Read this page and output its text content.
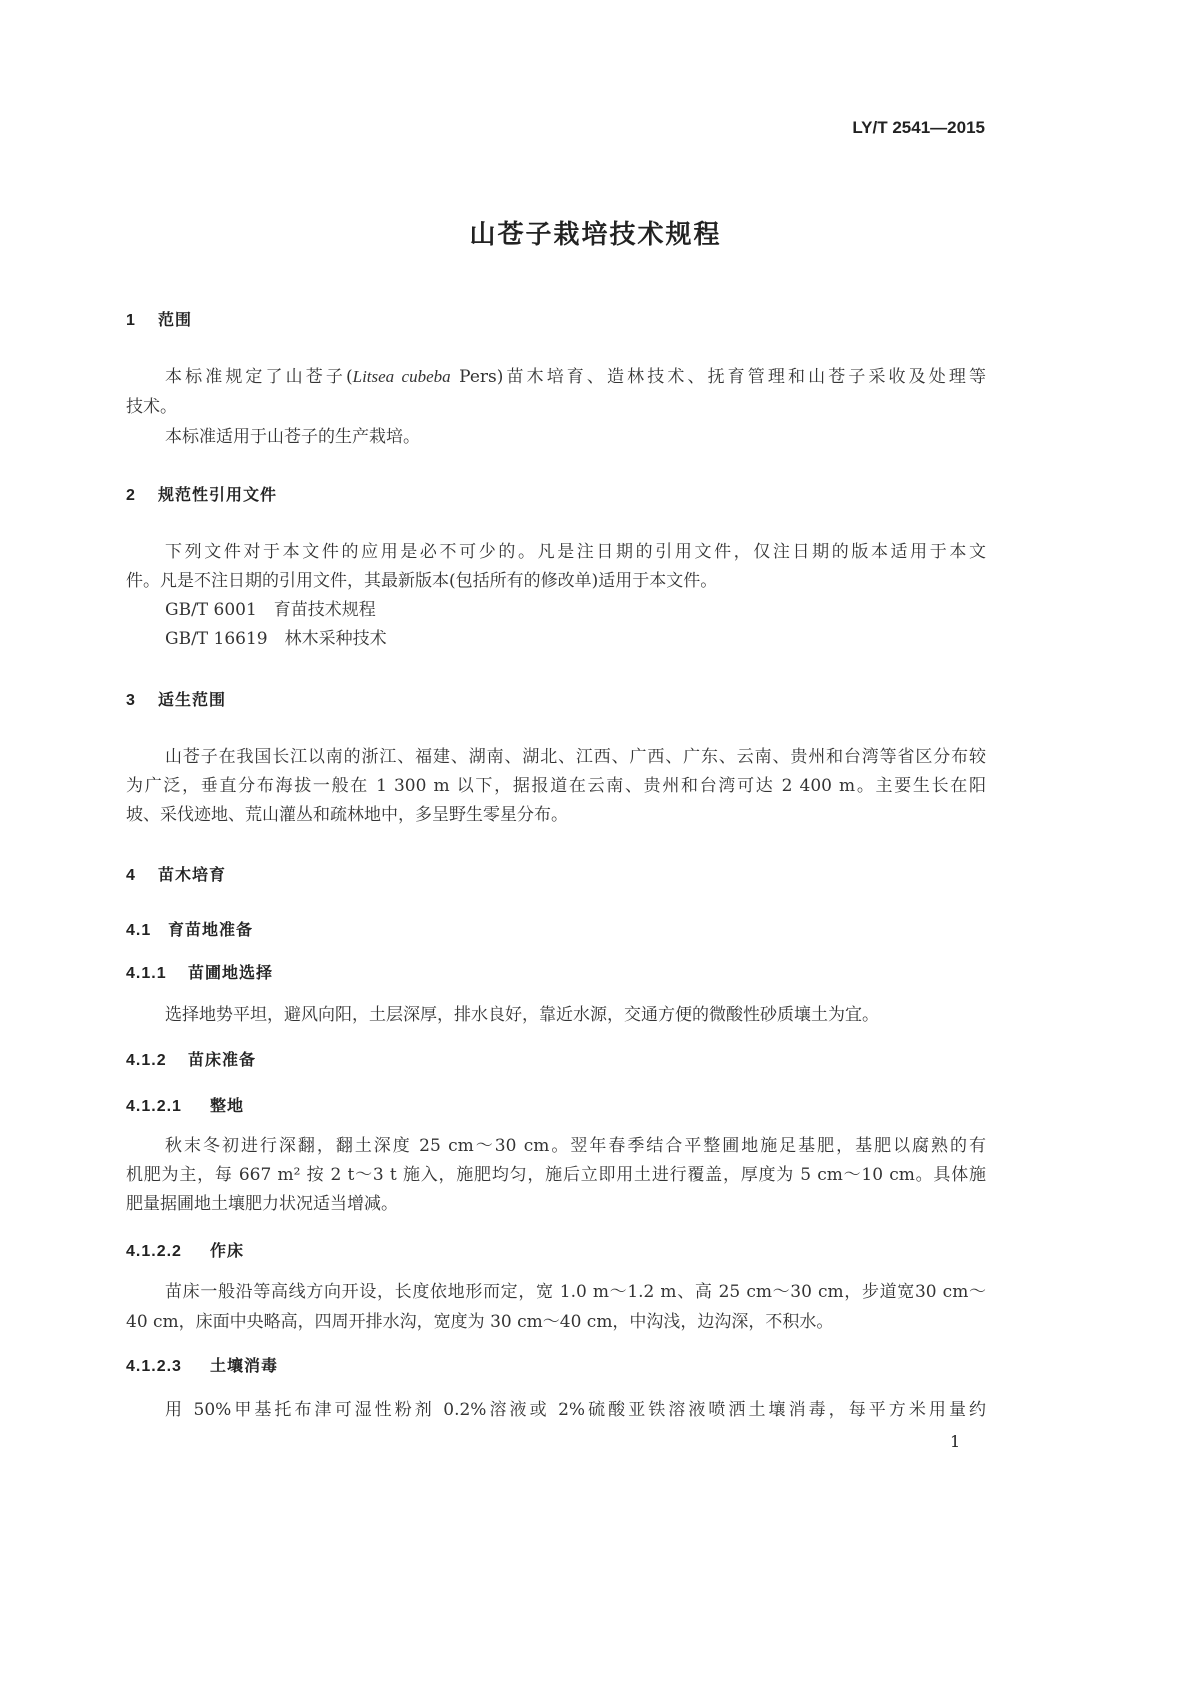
LY/T 2541—2015
山苍子栽培技术规程
1 范围
本标准规定了山苍子(Litsea cubeba Pers)苗木培育、造林技术、抚育管理和山苍子采收及处理等
技术。
本标准适用于山苍子的生产栽培。
2 规范性引用文件
下列文件对于本文件的应用是必不可少的。凡是注日期的引用文件，仅注日期的版本适用于本文
件。凡是不注日期的引用文件，其最新版本(包括所有的修改单)适用于本文件。
GB/T 6001　育苗技术规程
GB/T 16619　林木采种技术
3 适生范围
山苍子在我国长江以南的浙江、福建、湖南、湖北、江西、广西、广东、云南、贵州和台湾等省区分布较
为广泛，垂直分布海拔一般在 1 300 m 以下，据报道在云南、贵州和台湾可达 2 400 m。主要生长在阳
坡、采伐迹地、荒山灌丛和疏林地中，多呈野生零星分布。
4 苗木培育
4.1 育苗地准备
4.1.1 苗圃地选择
选择地势平坦，避风向阳，土层深厚，排水良好，靠近水源，交通方便的微酸性砂质壤土为宜。
4.1.2 苗床准备
4.1.2.1 整地
秋末冬初进行深翻，翻土深度 25 cm～30 cm。翌年春季结合平整圃地施足基肥，基肥以腐熟的有
机肥为主，每 667 m² 按 2 t～3 t 施入，施肥均匀，施后立即用土进行覆盖，厚度为 5 cm～10 cm。具体施
肥量据圃地土壤肥力状况适当增减。
4.1.2.2 作床
苗床一般沿等高线方向开设，长度依地形而定，宽 1.0 m～1.2 m、高 25 cm～30 cm，步道宽30 cm～
40 cm，床面中央略高，四周开排水沟，宽度为 30 cm～40 cm，中沟浅，边沟深，不积水。
4.1.2.3 土壤消毒
用 50%甲基托布津可湿性粉剂 0.2%溶液或 2%硫酸亚铁溶液喷洒土壤消毒，每平方米用量约
1
